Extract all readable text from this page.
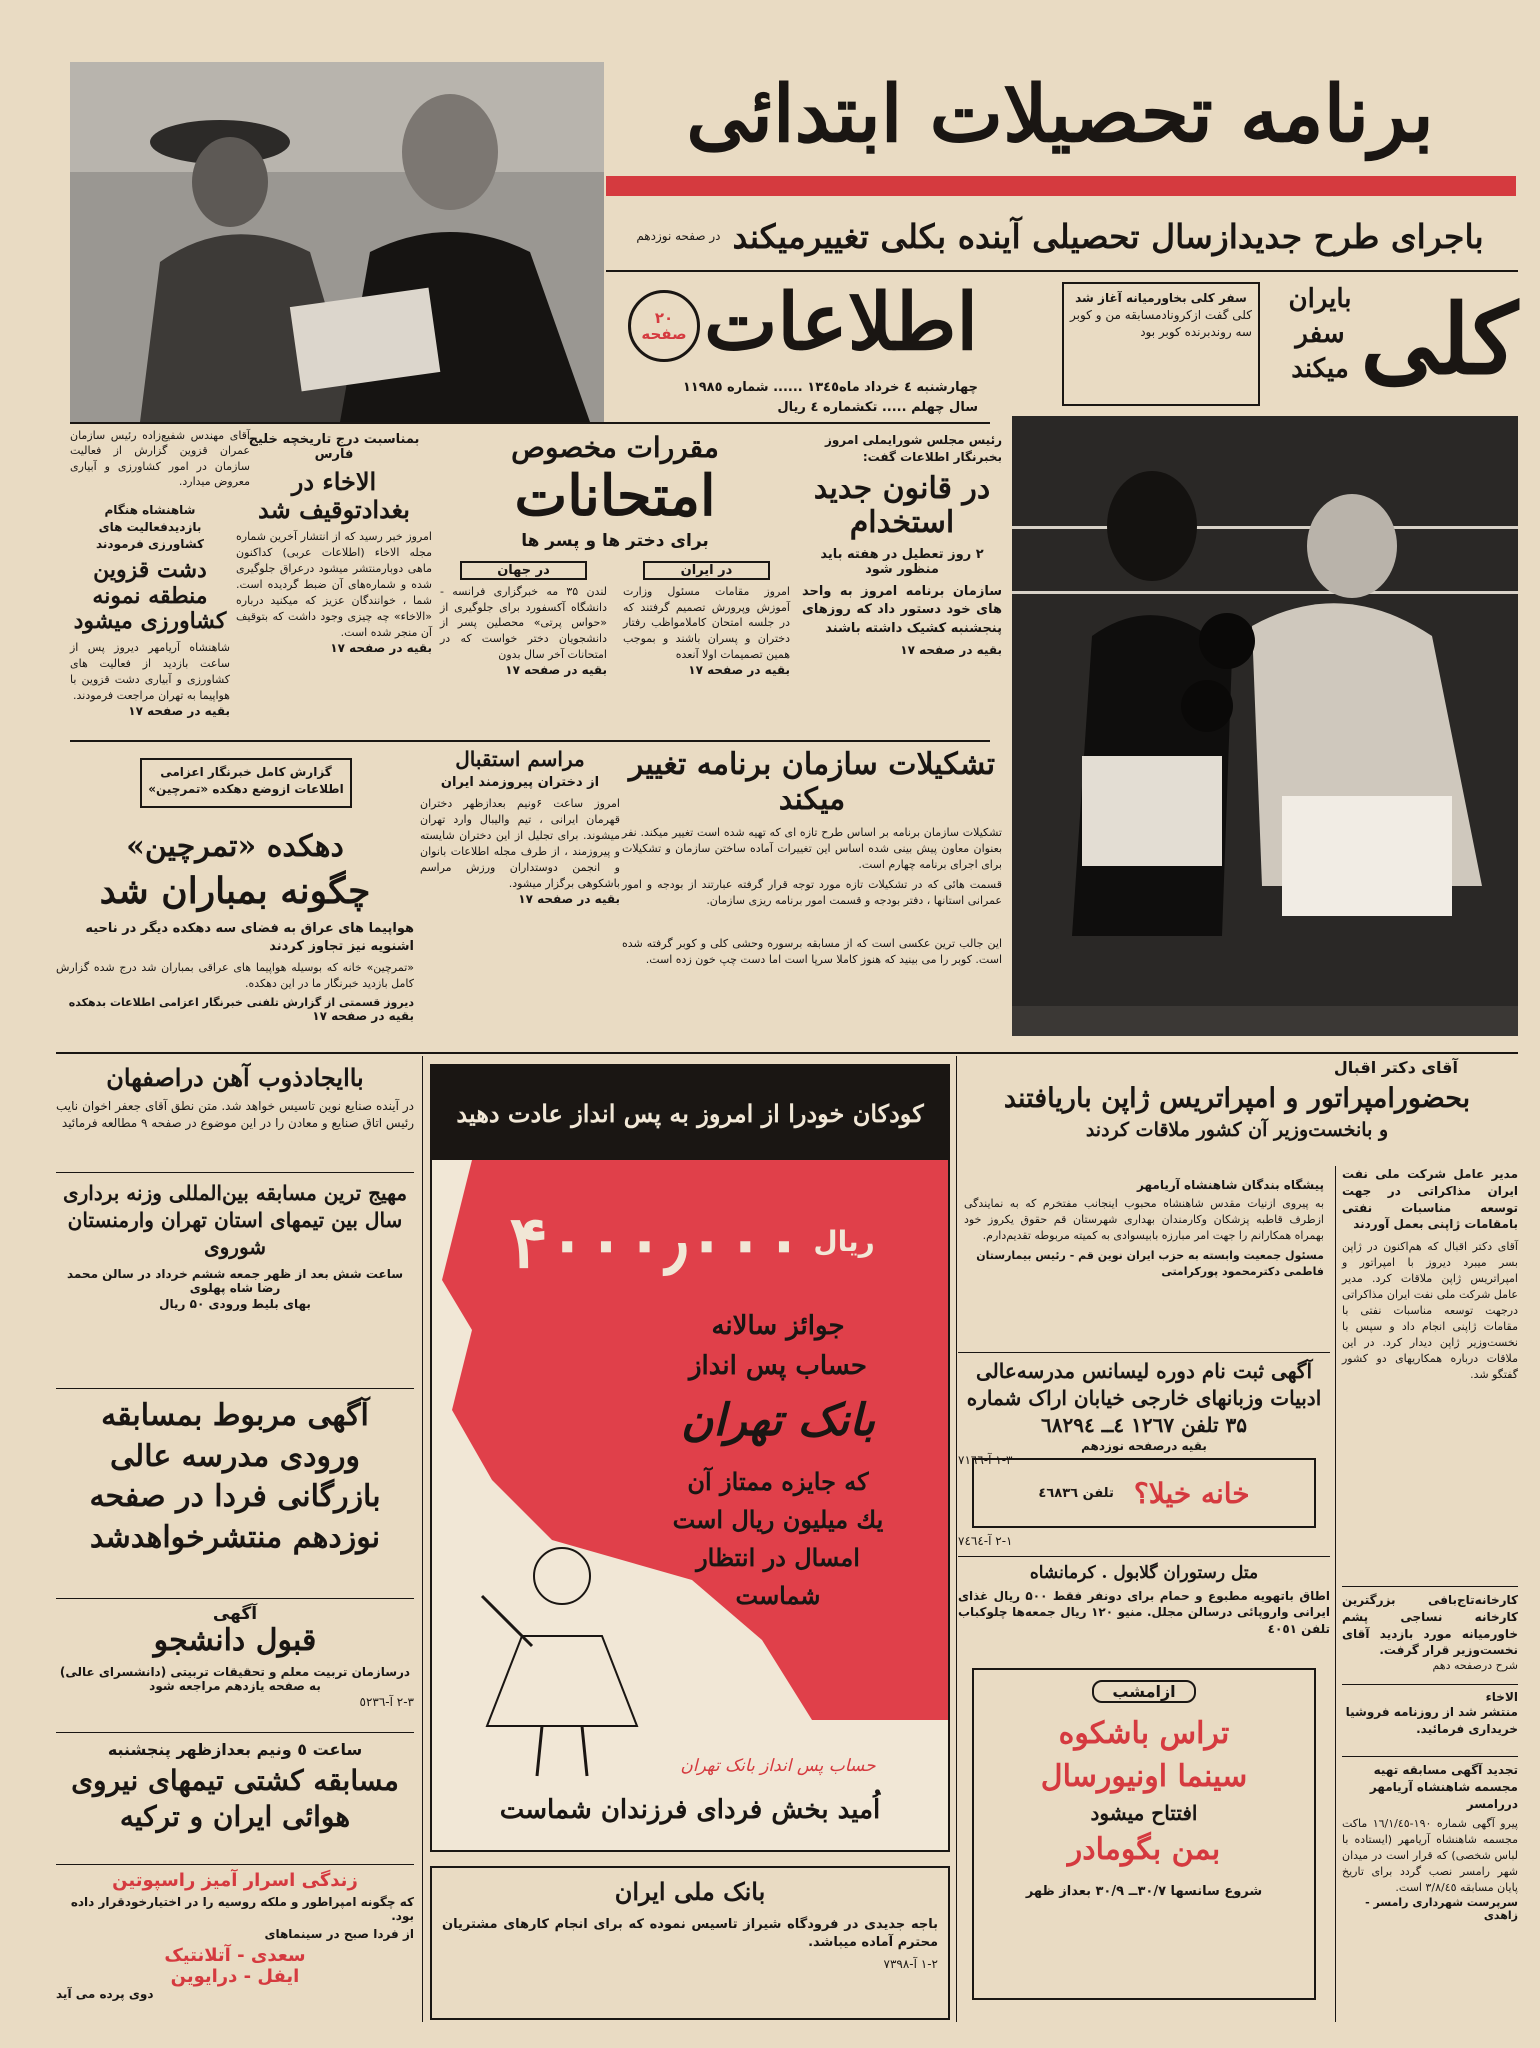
برنامه تحصیلات ابتدائی
باجرای طرح جدیدازسال تحصیلی آینده بکلی تغییرمیکند
در صفحه نوزدهم
آقای مهندس شفیع‌زاده رئیس سازمان عمران قزوین گزارش از فعالیت سازمان در امور کشاورزی و آبیاری معروض میدارد.
اطلاعات
۲۰ صفحه
چهارشنبه ٤ خرداد ماه۱۳٤٥ ...... شماره ۱۱۹۸٥
سال چهلم ..... تکشماره ٤ ریال
کلی
بایران سفر میکند
سفر کلی بخاورمیانه آغاز شد
کلی گفت ازکرونادمسابقه من و کوبر سه روندبرنده کوبر بود
رئیس مجلس شورایملی امروز بخبرنگار اطلاعات گفت:
در قانون جدید استخدام
۲ روز تعطیل در هفته باید منظور شود
سازمان برنامه امروز به واحد های خود دستور داد که روزهای پنجشنبه کشیک داشته باشند
بقیه در صفحه ۱۷
مقررات مخصوص
امتحانات
برای دختر ها و پسر ها
در ایران
امروز مقامات مسئول وزارت آموزش وپرورش تصمیم گرفتند که در جلسه امتحان کاملامواظب رفتار دختران و پسران باشند و بموجب همین تصمیمات اولا آنعده
بقیه در صفحه ۱۷
در جهان
لندن ۳۵ مه خبرگزاری فرانسه - دانشگاه آکسفورد برای جلوگیری از «حواس پرتی» محصلین پسر از دانشجویان دختر خواست که در امتحانات آخر سال بدون
بقیه در صفحه ۱۷
بمناسبت درج تاریخچه خلیج فارس
الاخاء در بغدادتوقیف شد
امروز خبر رسید که از انتشار آخرین شماره مجله الاخاء (اطلاعات عربی) کداکنون ماهی دوبارمنتشر میشود درعراق جلوگیری شده و شماره‌های آن ضبط گردیده است. شما ، خوانندگان عزیز که میکنید درباره «الاخاء» چه چیزی وجود داشت که بتوقیف آن منجر شده است.
بقیه در صفحه ۱۷
شاهنشاه هنگام بازدیدفعالیت های کشاورزی فرمودند
دشت قزوین منطقه نمونه کشاورزی میشود
شاهنشاه آریامهر دیروز پس از ساعت بازدید از فعالیت های کشاورزی و آبیاری دشت قزوین با هواپیما به تهران مراجعت فرمودند.
بقیه در صفحه ۱۷
تشکیلات سازمان برنامه تغییر میکند
تشکیلات سازمان برنامه بر اساس طرح تازه ای که تهیه شده است تغییر میکند. نفر بعنوان معاون پیش بینی شده اساس این تغییرات آماده ساختن سازمان و تشکیلات برای اجرای برنامه چهارم است.
قسمت هائی که در تشکیلات تازه مورد توجه قرار گرفته عبارتند از بودجه و امور عمرانی استانها ، دفتر بودجه و قسمت امور برنامه ریزی سازمان.
این جالب ترین عکسی است که از مسابقه برسوره وحشی کلی و کوبر گرفته شده است. کوبر را می بینید که هنوز کاملا سرپا است اما دست چپ خون زده است.
مراسم استقبال
از دختران پیروزمند ایران
امروز ساعت ۶ونیم بعدازظهر دختران قهرمان ایرانی ، تیم والیبال وارد تهران میشوند. برای تجلیل از این دختران شایسته و پیروزمند ، از طرف مجله اطلاعات بانوان و انجمن دوستداران ورزش مراسم باشکوهی برگزار میشود.
بقیه در صفحه ۱۷
گزارش کامل خبرنگار اعزامی اطلاعات ازوضع دهکده «تمرچین»
دهکده «تمرچین»
چگونه بمباران شد
هواپیما های عراق به فضای سه دهکده دیگر در ناحیه اشنویه نیز تجاوز کردند
«تمرچین» خانه که بوسیله هواپیما های عراقی بمباران شد درج شده گزارش کامل بازدید خبرنگار ما در این دهکده.
دیروز قسمتی از گزارش تلفنی خبرنگار اعزامی اطلاعات بدهکده
بقیه در صفحه ۱۷
باایجادذوب آهن دراصفهان
در آینده صنایع نوین تاسیس خواهد شد. متن نطق آقای جعفر اخوان نایب رئیس اتاق صنایع و معادن را در این موضوع در صفحه ۹ مطالعه فرمائید
مهیج ترین مسابقه بین‌المللی وزنه برداری سال بین تیمهای استان تهران وارمنستان شوروی
ساعت شش بعد از ظهر جمعه ششم خرداد در سالن محمد رضا شاه پهلوی
بهای بلیط ورودی ۵۰ ریال
آگهی مربوط بمسابقه ورودی مدرسه عالی بازرگانی فردا در صفحه نوزدهم منتشرخواهدشد
آگهی
قبول دانشجو
درسازمان تربیت معلم و تحقیقات تربیتی (دانشسرای عالی) به صفحه یازدهم مراجعه شود
۲-۳ آ-٥۲۳٦
ساعت ٥ ونیم بعدازظهر پنجشنبه
مسابقه کشتی تیمهای نیروی هوائی ایران و ترکیه
زندگی اسرار آمیز راسپوتین
که چگونه امپراطور و ملکه روسیه را در اختیارخودقرار داده بود.
از فردا صبح در سینماهای
سعدی - آتلانتیک
ایفل - درایوین
دوی پرده می آید
کودکان خودرا از امروز به پس انداز عادت دهید
۴۰۰۰٫۰۰۰ ریال
جوائز سالانه
حساب پس انداز
بانک تهران
که جایزه ممتاز آن
یك میلیون ریال است
امسال در انتظار
شماست
حساب پس انداز بانک تهران
اُمید بخش فردای فرزندان شماست
بانک ملی ایران
باجه جدیدی در فرودگاه شیراز تاسیس نموده که برای انجام کارهای مشتریان محترم آماده میباشد.
۱-۲ آ-۷۳۹۸
آقای دکتر اقبال
بحضورامپراتور و امپراتریس ژاپن باریافتند
و بانخست‌وزیر آن کشور ملاقات کردند
مدیر عامل شرکت ملی نفت ایران مذاکراتی در جهت توسعه مناسبات نفتی بامقامات ژاپنی بعمل آوردند
آقای دکتر اقبال که هم‌اکنون در ژاپن بسر میبرد دیروز با امپراتور و امپراتریس ژاپن ملاقات کرد. مدیر عامل شرکت ملی نفت ایران مذاکراتی درجهت توسعه مناسبات نفتی با مقامات ژاپنی انجام داد و سپس با نخست‌وزیر ژاپن دیدار کرد. در این ملاقات درباره همکاریهای دو کشور گفتگو شد.
پیشگاه بندگان شاهنشاه آریامهر
به پیروی ازنیات مقدس شاهنشاه محبوب اینجانب مفتخرم که به نمایندگی ازطرف قاطبه پزشکان وکارمندان بهداری شهرستان قم حقوق یکروز خود بهمراه همکارانم را جهت امر مبارزه بابیسوادی به کمیته مربوطه تقدیم‌دارم.
مسئول جمعیت وابسته به حزب ایران نوین قم - رئیس بیمارستان فاطمی دکترمحمود پورکرامتی
آگهی ثبت نام دوره لیسانس مدرسه‌عالی ادبیات وزبانهای خارجی خیابان اراک شماره ۳۵ تلفن ۱۲٦۷ ٤ــ ٦۸۲۹٤
بقیه درصفحه نوزدهم
۱-۳ آ-۷۱٦٦
خانه خیلا؟
تلفن ٤٦۸۳٦
۲-۱ آ-۷٤٦٤
متل رستوران گلابول . کرمانشاه
اطاق باتهویه مطبوع و حمام برای دونفر فقط ۵۰۰ ریال غذای ایرانی واروپائی درسالن مجلل. منیو ۱۲۰ ریال جمعه‌ها چلوکباب تلفن ٤٠٥۱
ازامشب
تراس باشکوه
سینما اونیورسال
افتتاح میشود
بمن بگومادر
شروع سانسها ۳۰/۷ــ ۳۰/۹ بعداز ظهر
کارخانه‌تاج‌بافی بزرگترین کارخانه نساجی پشم خاورمیانه مورد بازدید آقای نخست‌وزیر قرار گرفت.
شرح درصفحه دهم
الاخاء
منتشر شد از روزنامه فروشیا خریداری فرمائید.
تجدید آگهی مسابقه تهیه مجسمه شاهنشاه آریامهر دررامسر
پیرو آگهی شماره ۱۹۰-۱٦/۱/٤٥ ماکت مجسمه شاهنشاه آریامهر (ایستاده با لباس شخصی) که قرار است در میدان شهر رامسر نصب گردد برای تاریخ پایان مسابقه ۳/۸/٤٥ است.
سرپرست شهرداری رامسر - زاهدی
